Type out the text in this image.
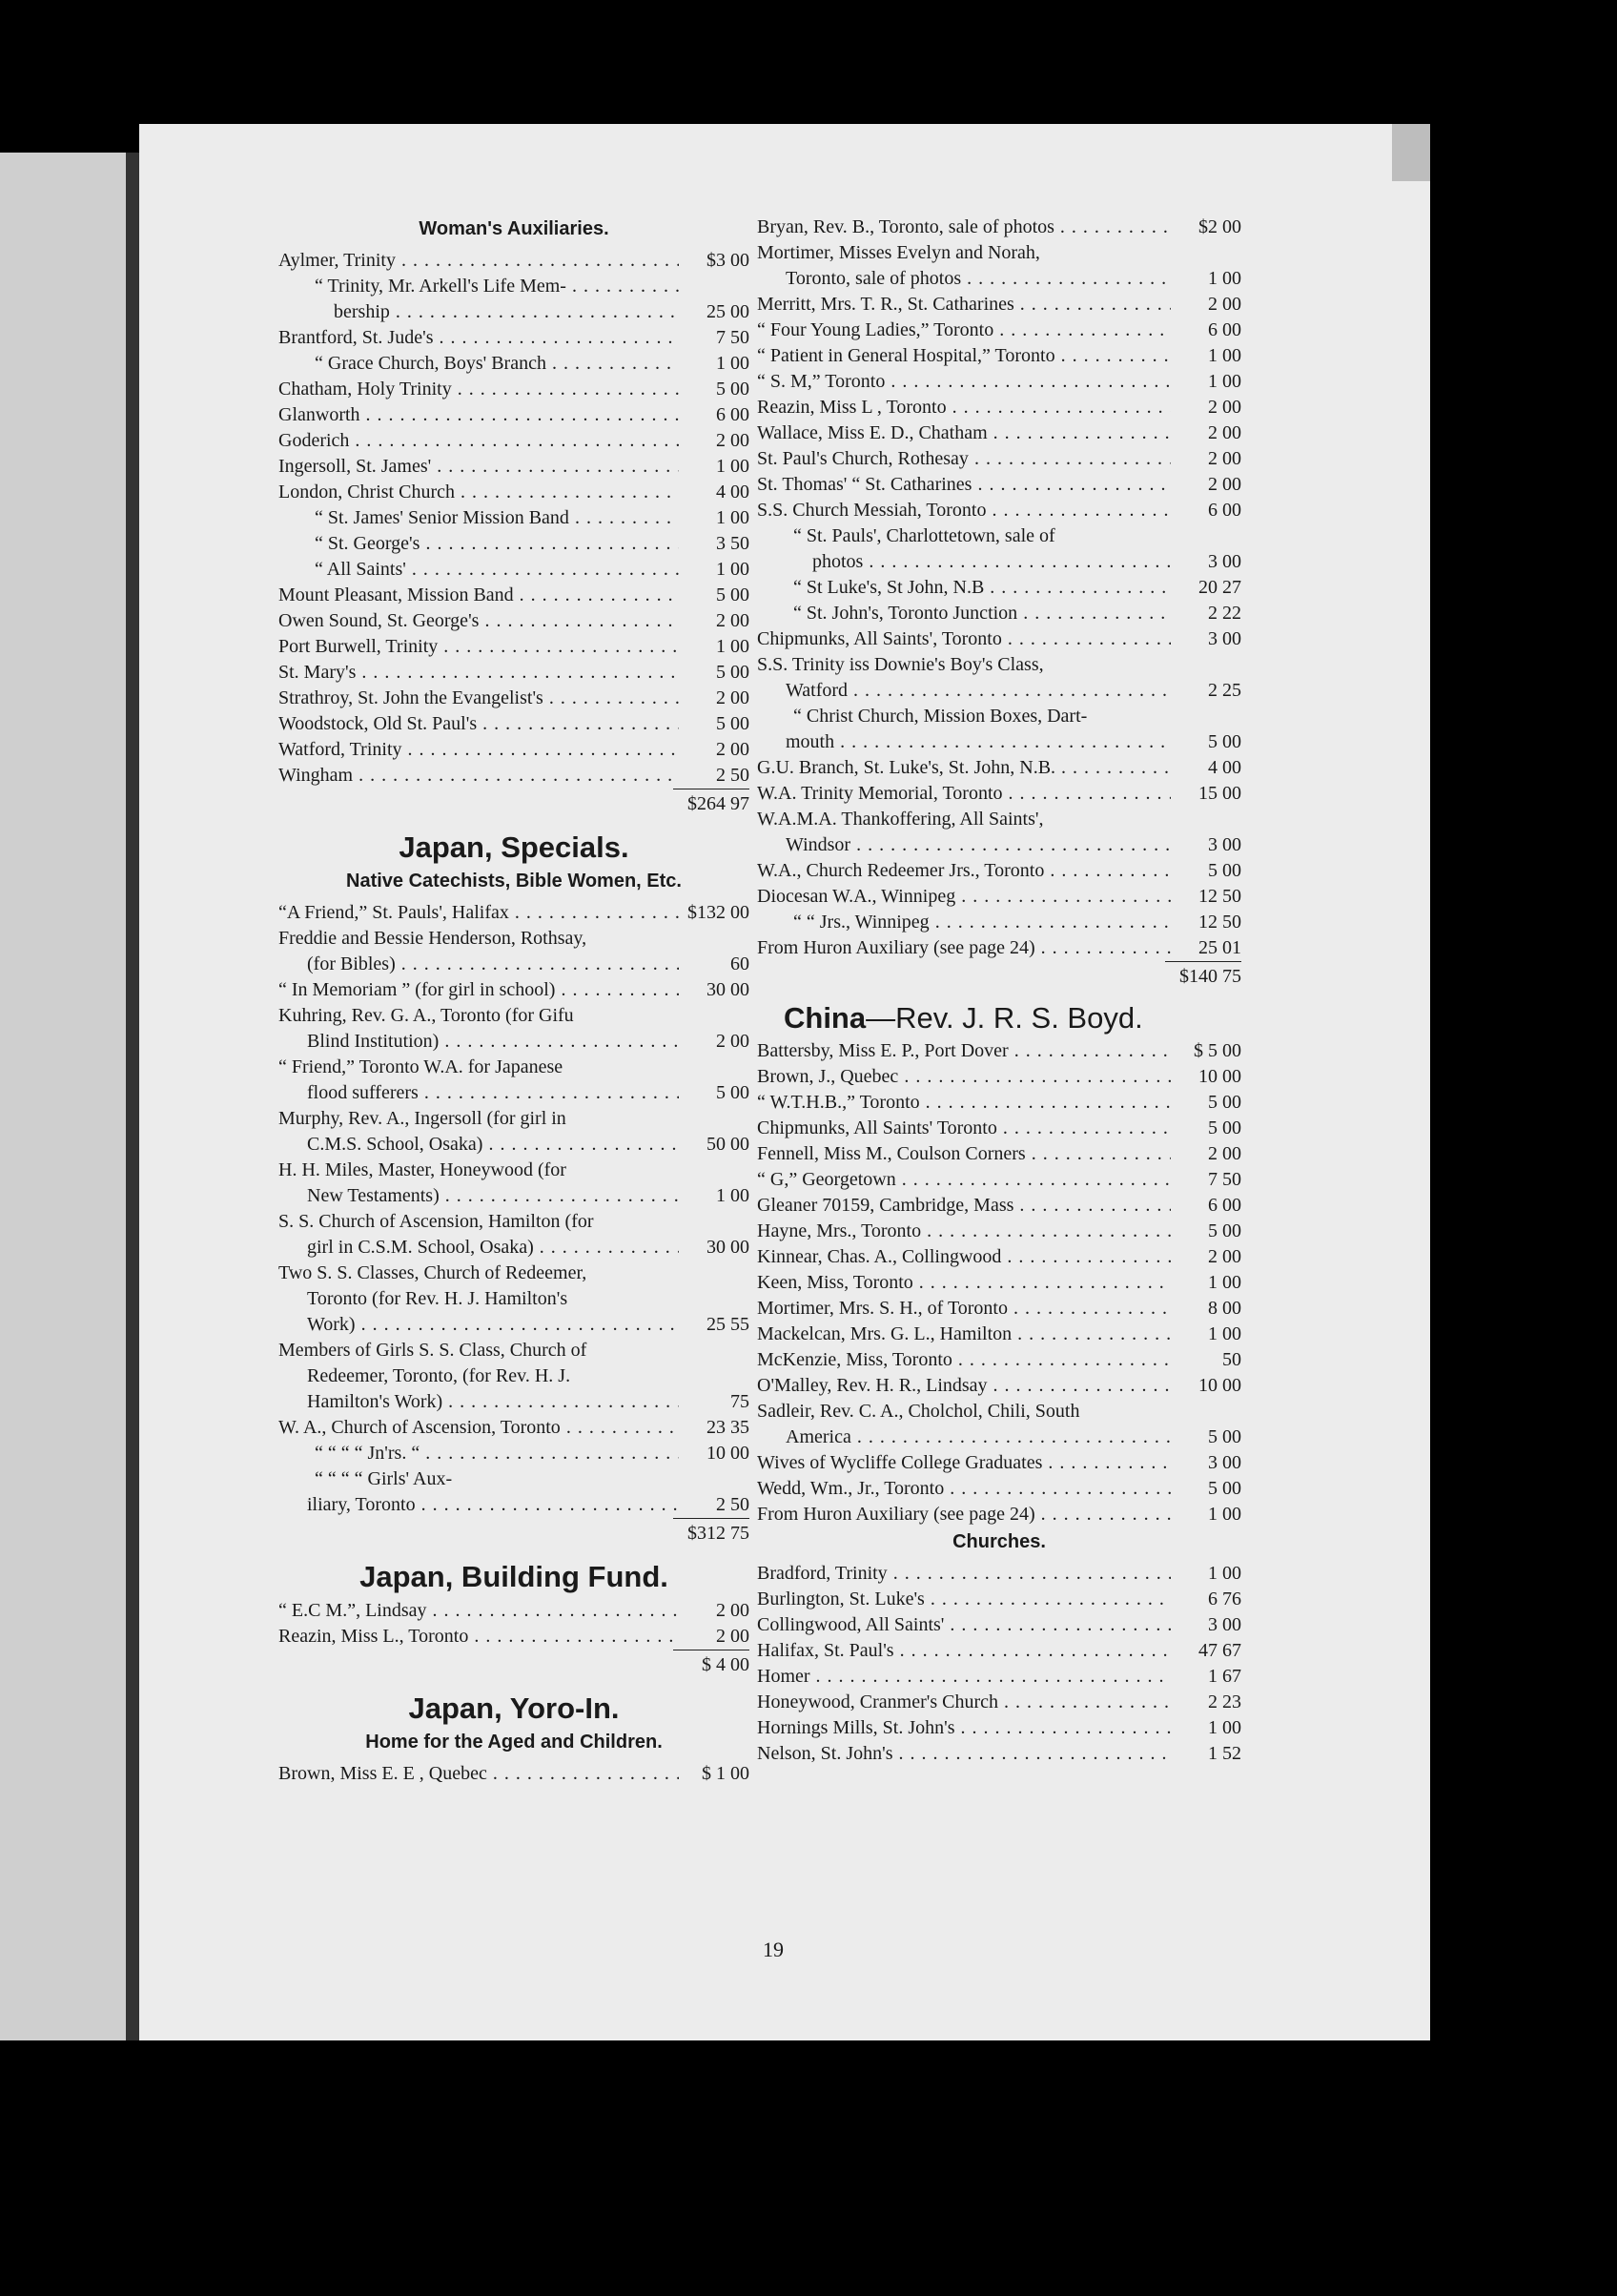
Woman's Auxiliaries.
Aylmer, Trinity . . .	$3 00
“ Trinity, Mr. Arkell's Life Mem- . . .
bership . . .	25 00
Brantford, St. Jude's . . .	7 50
“ Grace Church, Boys' Branch . . .	1 00
Chatham, Holy Trinity . . .	5 00
Glanworth . . .	6 00
Goderich . . .	2 00
Ingersoll, St. James' . . .	1 00
London, Christ Church . . .	4 00
“ St. James' Senior Mission Band . . .	1 00
“ St. George's . . .	3 50
“ All Saints' . . .	1 00
Mount Pleasant, Mission Band . . .	5 00
Owen Sound, St. George's . . .	2 00
Port Burwell, Trinity . . .	1 00
St. Mary's . . .	5 00
Strathroy, St. John the Evangelist's . . .	2 00
Woodstock, Old St. Paul's . . .	5 00
Watford, Trinity . . .	2 00
Wingham . . .	2 50
$264 97
Japan, Specials.
Native Catechists, Bible Women, Etc.
“A Friend,” St. Pauls', Halifax . . .	$132 00
Freddie and Bessie Henderson, Rothsay,
(for Bibles) . . .	60
“ In Memoriam ” (for girl in school) . . .	30 00
Kuhring, Rev. G. A., Toronto (for Gifu
Blind Institution) . . .	2 00
“ Friend,” Toronto W.A. for Japanese
flood sufferers . . .	5 00
Murphy, Rev. A., Ingersoll (for girl in
C.M.S. School, Osaka) . . .	50 00
H. H. Miles, Master, Honeywood (for
New Testaments) . . .	1 00
S. S. Church of Ascension, Hamilton (for
girl in C.S.M. School, Osaka) . . .	30 00
Two S. S. Classes, Church of Redeemer,
Toronto (for Rev. H. J. Hamilton's
Work) . . .	25 55
Members of Girls S. S. Class, Church of
Redeemer, Toronto, (for Rev. H. J.
Hamilton's Work) . . .	75
W. A., Church of Ascension, Toronto . . .	23 35
“ “ “ “ Jn'rs. “ . . .	10 00
“ “ “ “ Girls' Aux-
iliary, Toronto . . .	2 50
$312 75
Japan, Building Fund.
“ E.C M.”, Lindsay . . .	2 00
Reazin, Miss L., Toronto . . .	2 00
$ 4 00
Japan, Yoro-In.
Home for the Aged and Children.
Brown, Miss E. E , Quebec . . .	$ 1 00
Bryan, Rev. B., Toronto, sale of photos . . .	$2 00
Mortimer, Misses Evelyn and Norah,
Toronto, sale of photos . . .	1 00
Merritt, Mrs. T. R., St. Catharines . . .	2 00
“ Four Young Ladies,” Toronto . . .	6 00
“ Patient in General Hospital,” Toronto . . .	1 00
“ S. M,” Toronto . . .	1 00
Reazin, Miss L , Toronto . . .	2 00
Wallace, Miss E. D., Chatham . . .	2 00
St. Paul's Church, Rothesay . . .	2 00
St. Thomas' “ St. Catharines . . .	2 00
S.S. Church Messiah, Toronto . . .	6 00
“ St. Pauls', Charlottetown, sale of
photos . . .	3 00
“ St Luke's, St John, N.B . . .	20 27
“ St. John's, Toronto Junction . . .	2 22
Chipmunks, All Saints', Toronto . . .	3 00
S.S. Trinity iss Downie's Boy's Class,
Watford . . .	2 25
“ Christ Church, Mission Boxes, Dart-
mouth . . .	5 00
G.U. Branch, St. Luke's, St. John, N.B. . . .	4 00
W.A. Trinity Memorial, Toronto . . .	15 00
W.A.M.A. Thankoffering, All Saints',
Windsor . . .	3 00
W.A., Church Redeemer Jrs., Toronto . . .	5 00
Diocesan W.A., Winnipeg . . .	12 50
“ “ Jrs., Winnipeg . . .	12 50
From Huron Auxiliary (see page 24) . . .	25 01
$140 75
China—Rev. J. R. S. Boyd.
Battersby, Miss E. P., Port Dover . . .	$ 5 00
Brown, J., Quebec . . .	10 00
“ W.T.H.B.,” Toronto . . .	5 00
Chipmunks, All Saints' Toronto . . .	5 00
Fennell, Miss M., Coulson Corners . . .	2 00
“ G,” Georgetown . . .	7 50
Gleaner 70159, Cambridge, Mass . . .	6 00
Hayne, Mrs., Toronto . . .	5 00
Kinnear, Chas. A., Collingwood . . .	2 00
Keen, Miss, Toronto . . .	1 00
Mortimer, Mrs. S. H., of Toronto . . .	8 00
Mackelcan, Mrs. G. L., Hamilton . . .	1 00
McKenzie, Miss, Toronto . . .	50
O'Malley, Rev. H. R., Lindsay . . .	10 00
Sadleir, Rev. C. A., Cholchol, Chili, South
America . . .	5 00
Wives of Wycliffe College Graduates . . .	3 00
Wedd, Wm., Jr., Toronto . . .	5 00
From Huron Auxiliary (see page 24) . . .	1 00
Churches.
Bradford, Trinity . . .	1 00
Burlington, St. Luke's . . .	6 76
Collingwood, All Saints' . . .	3 00
Halifax, St. Paul's . . .	47 67
Homer . . .	1 67
Honeywood, Cranmer's Church . . .	2 23
Hornings Mills, St. John's . . .	1 00
Nelson, St. John's . . .	1 52
19
